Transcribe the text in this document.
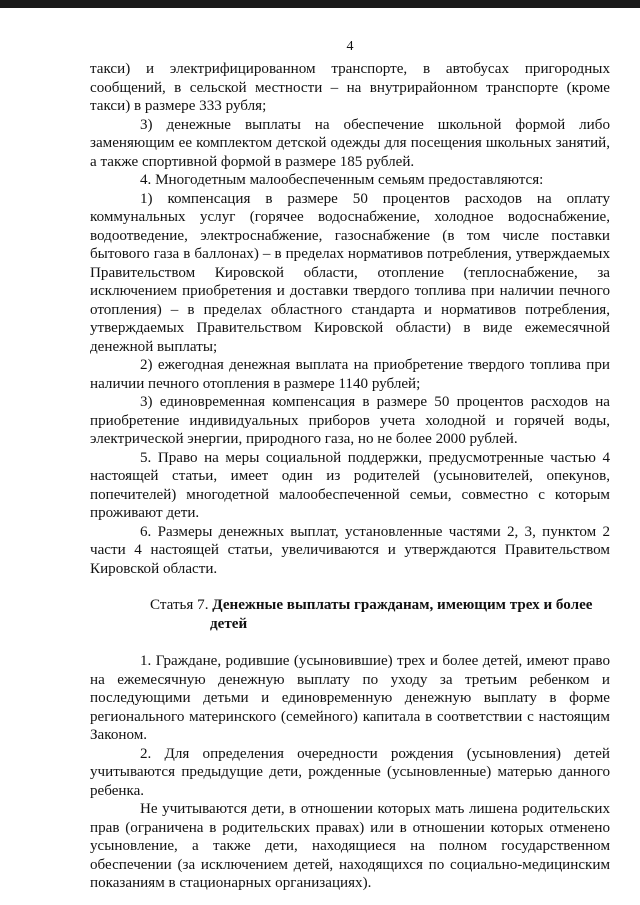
4

такси) и электрифицированном транспорте, в автобусах пригородных сообщений, в сельской местности – на внутрирайонном транспорте (кроме такси) в размере 333 рубля;

3) денежные выплаты на обеспечение школьной формой либо заменяющим ее комплектом детской одежды для посещения школьных занятий, а также спортивной формой в размере 185 рублей.

4. Многодетным малообеспеченным семьям предоставляются:

1) компенсация в размере 50 процентов расходов на оплату коммунальных услуг (горячее водоснабжение, холодное водоснабжение, водоотведение, электроснабжение, газоснабжение (в том числе поставки бытового газа в баллонах) – в пределах нормативов потребления, утверждаемых Правительством Кировской области, отопление (теплоснабжение, за исключением приобретения и доставки твердого топлива при наличии печного отопления) – в пределах областного стандарта и нормативов потребления, утверждаемых Правительством Кировской области) в виде ежемесячной денежной выплаты;

2) ежегодная денежная выплата на приобретение твердого топлива при наличии печного отопления в размере 1140 рублей;

3) единовременная компенсация в размере 50 процентов расходов на приобретение индивидуальных приборов учета холодной и горячей воды, электрической энергии, природного газа, но не более 2000 рублей.

5. Право на меры социальной поддержки, предусмотренные частью 4 настоящей статьи, имеет один из родителей (усыновителей, опекунов, попечителей) многодетной малообеспеченной семьи, совместно с которым проживают дети.

6. Размеры денежных выплат, установленные частями 2, 3, пунктом 2 части 4 настоящей статьи, увеличиваются и утверждаются Правительством Кировской области.

Статья 7. Денежные выплаты гражданам, имеющим трех и более детей

1. Граждане, родившие (усыновившие) трех и более детей, имеют право на ежемесячную денежную выплату по уходу за третьим ребенком и последующими детьми и единовременную денежную выплату в форме регионального материнского (семейного) капитала в соответствии с настоящим Законом.

2. Для определения очередности рождения (усыновления) детей учитываются предыдущие дети, рожденные (усыновленные) матерью данного ребенка.

Не учитываются дети, в отношении которых мать лишена родительских прав (ограничена в родительских правах) или в отношении которых отменено усыновление, а также дети, находящиеся на полном государственном обеспечении (за исключением детей, находящихся по социально-медицинским показаниям в стационарных организациях).
